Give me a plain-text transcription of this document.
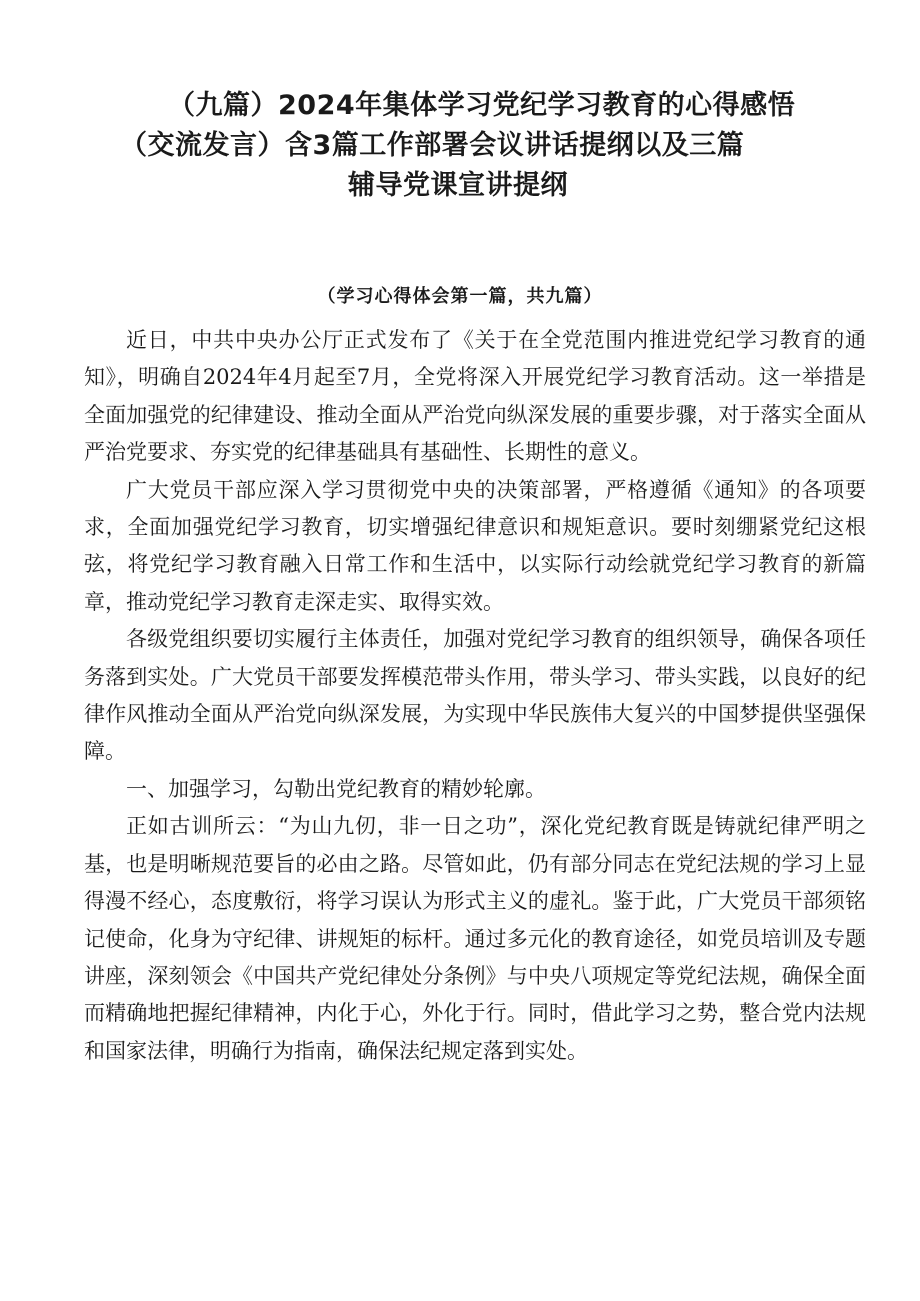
（九篇）2024年集体学习党纪学习教育的心得感悟
（交流发言）含3篇工作部署会议讲话提纲以及三篇
辅导党课宣讲提纲
（学习心得体会第一篇，共九篇）

近日，中共中央办公厅正式发布了《关于在全党范围内推进党纪学习教育的通知》，明确自2024年4月起至7月，全党将深入开展党纪学习教育活动。这一举措是全面加强党的纪律建设、推动全面从严治党向纵深发展的重要步骤，对于落实全面从严治党要求、夯实党的纪律基础具有基础性、长期性的意义。

广大党员干部应深入学习贯彻党中央的决策部署，严格遵循《通知》的各项要求，全面加强党纪学习教育，切实增强纪律意识和规矩意识。要时刻绷紧党纪这根弦，将党纪学习教育融入日常工作和生活中，以实际行动绘就党纪学习教育的新篇章，推动党纪学习教育走深走实、取得实效。

各级党组织要切实履行主体责任，加强对党纪学习教育的组织领导，确保各项任务落到实处。广大党员干部要发挥模范带头作用，带头学习、带头实践，以良好的纪律作风推动全面从严治党向纵深发展，为实现中华民族伟大复兴的中国梦提供坚强保障。

一、加强学习，勾勒出党纪教育的精妙轮廓。

正如古训所云：“为山九仞，非一日之功”，深化党纪教育既是铸就纪律严明之基，也是明晰规范要旨的必由之路。尽管如此，仍有部分同志在党纪法规的学习上显得漫不经心，态度敷衍，将学习误认为形式主义的虚礼。鉴于此，广大党员干部须铭记使命，化身为守纪律、讲规矩的标杆。通过多元化的教育途径，如党员培训及专题讲座，深刻领会《中国共产党纪律处分条例》与中央八项规定等党纪法规，确保全面而精确地把握纪律精神，内化于心，外化于行。同时，借此学习之势，整合党内法规和国家法律，明确行为指南，确保法纪规定落到实处。
